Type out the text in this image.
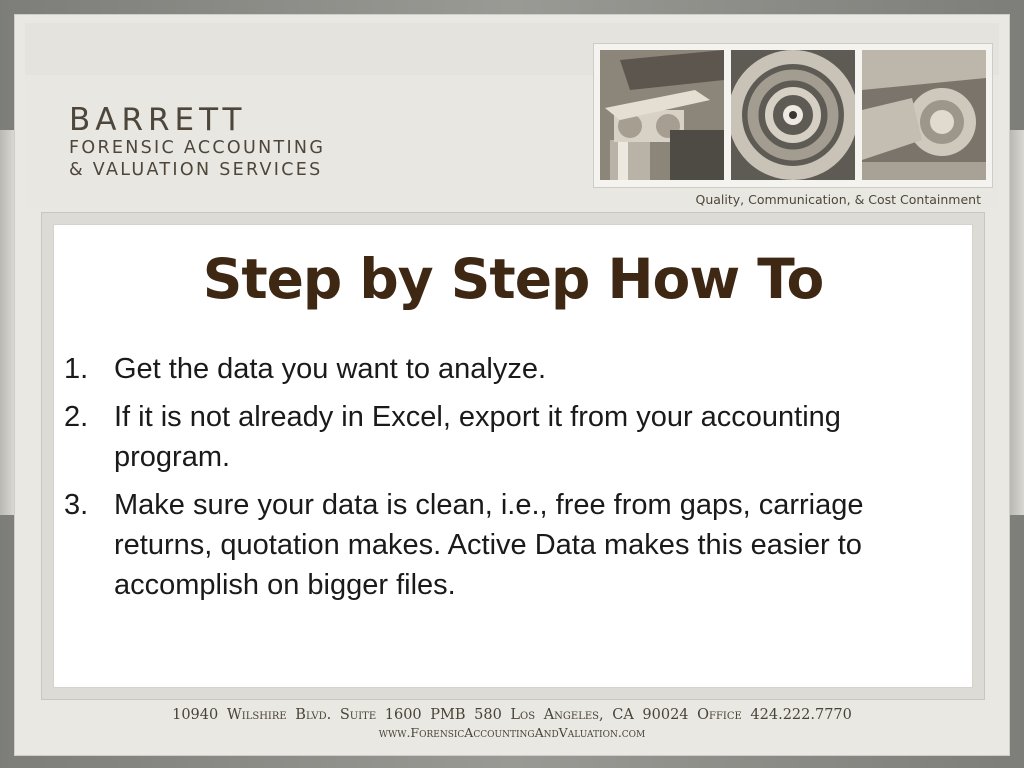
BARRETT
FORENSIC ACCOUNTING
& VALUATION SERVICES
Quality, Communication, & Cost Containment
Step by Step How To
1. Get the data you want to analyze.
2. If it is not already in Excel, export it from your accounting program.
3. Make sure your data is clean, i.e., free from gaps, carriage returns, quotation makes. Active Data makes this easier to accomplish on bigger files.
10940 Wilshire Blvd. Suite 1600 PMB 580 Los Angeles, CA 90024 Office 424.222.7770
www.ForensicAccountingAndValuation.com
